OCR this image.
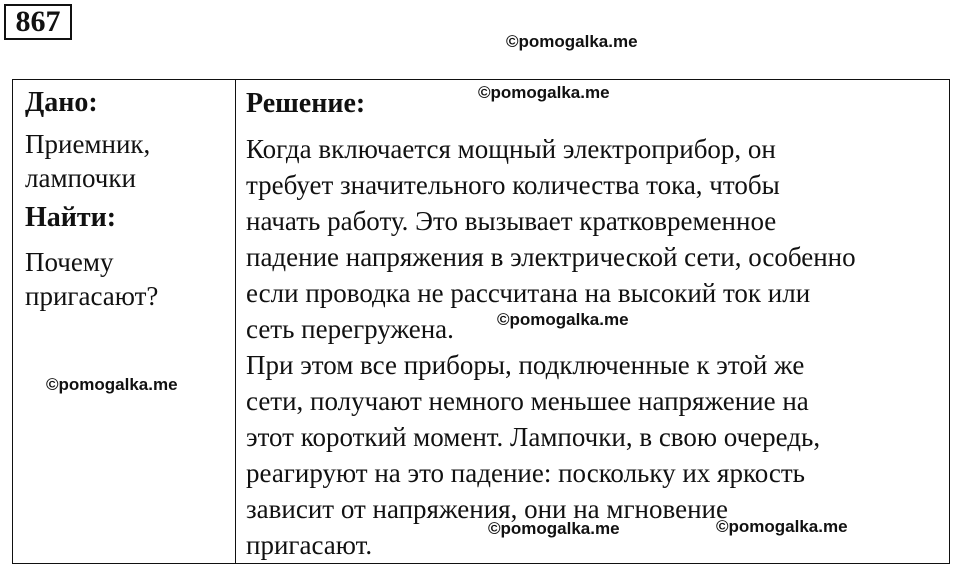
867
Дано:
Приемник,
лампочки
Найти:
Почему
пригасают?

Решение:
Когда включается мощный электроприбор, он
требует значительного количества тока, чтобы
начать работу. Это вызывает кратковременное
падение напряжения в электрической сети, особенно
если проводка не рассчитана на высокий ток или
сеть перегружена.
При этом все приборы, подключенные к этой же
сети, получают немного меньшее напряжение на
этот короткий момент. Лампочки, в свою очередь,
реагируют на это падение: поскольку их яркость
зависит от напряжения, они на мгновение
пригасают.
©pomogalka.me
©pomogalka.me
©pomogalka.me
©pomogalka.me
©pomogalka.me	©pomogalka.me
